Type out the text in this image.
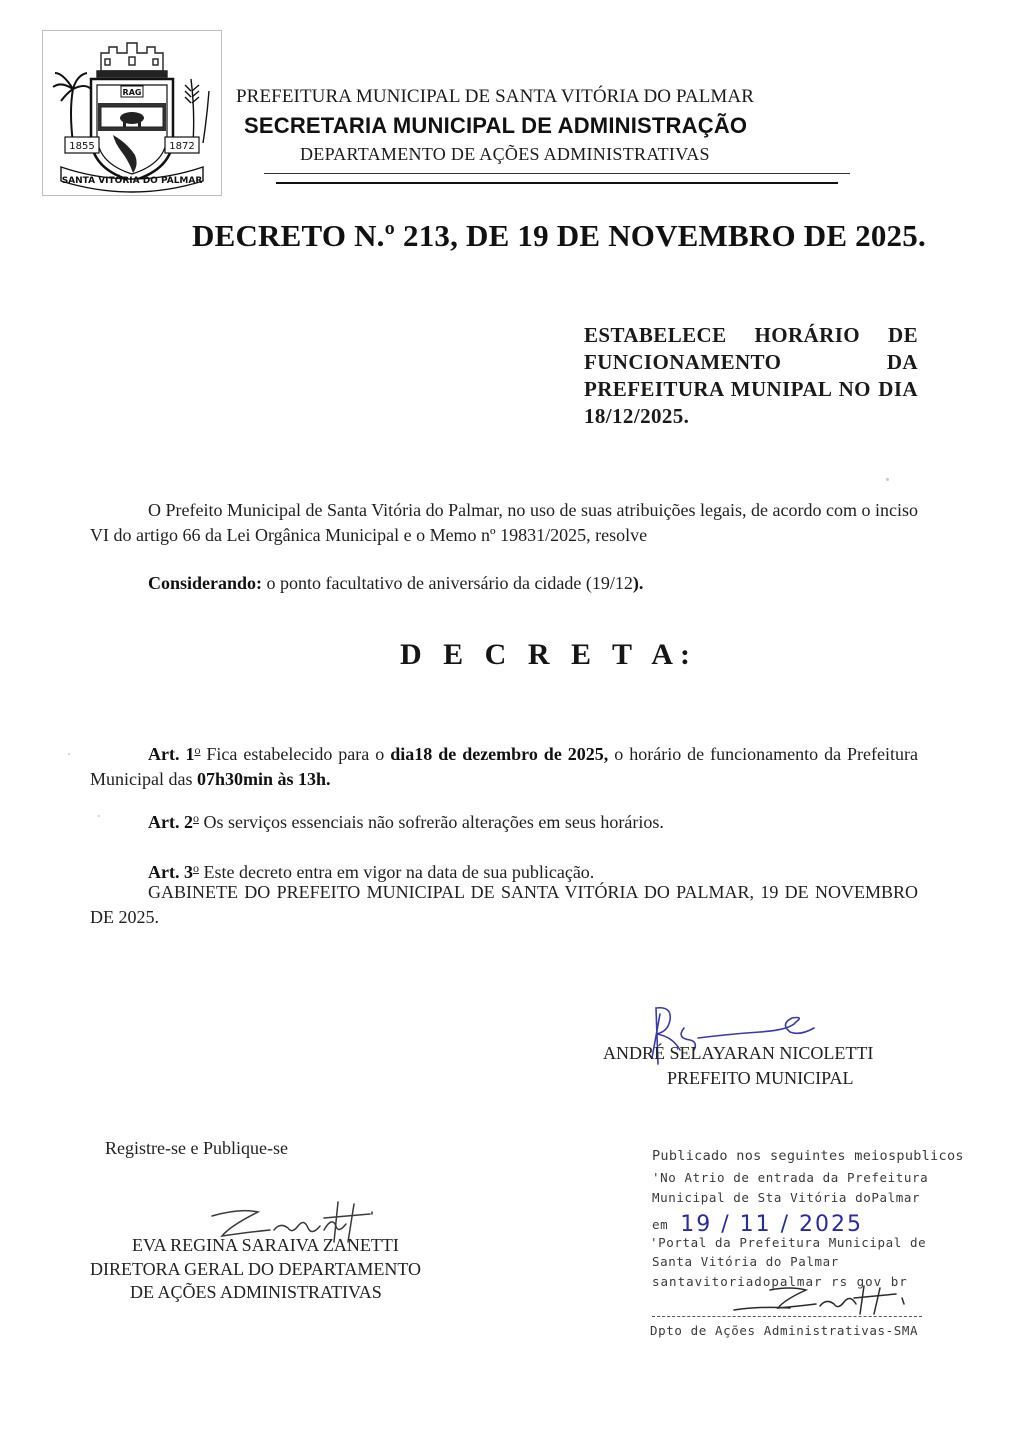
RAG
1855	1872
SANTA VITÓRIA DO PALMAR
PREFEITURA MUNICIPAL DE SANTA VITÓRIA DO PALMAR
SECRETARIA MUNICIPAL DE ADMINISTRAÇÃO
DEPARTAMENTO DE AÇÕES ADMINISTRATIVAS
DECRETO N.º 213, DE 19 DE NOVEMBRO DE 2025.
ESTABELECE HORÁRIO DE FUNCIONAMENTO DA PREFEITURA MUNIPAL NO DIA 18/12/2025.
O Prefeito Municipal de Santa Vitória do Palmar, no uso de suas atribuições legais, de acordo com o inciso VI do artigo 66 da Lei Orgânica Municipal e o Memo nº 19831/2025, resolve
Considerando: o ponto facultativo de aniversário da cidade (19/12).
D E C R E T A:
Art. 1$^o$ Fica estabelecido para o dia18 de dezembro de 2025, o horário de funcionamento da Prefeitura Municipal das 07h30min às 13h.
Art. 2$^o$ Os serviços essenciais não sofrerão alterações em seus horários.
Art. 3$^o$ Este decreto entra em vigor na data de sua publicação.
GABINETE DO PREFEITO MUNICIPAL DE SANTA VITÓRIA DO PALMAR, 19 DE NOVEMBRO DE 2025.
ANDRÉ SELAYARAN NICOLETTI
PREFEITO MUNICIPAL
Registre-se e Publique-se
EVA REGINA SARAIVA ZANETTI
DIRETORA GERAL DO DEPARTAMENTO
DE AÇÕES ADMINISTRATIVAS
Publicado nos seguintes meiospublicos
'No Atrio de entrada da Prefeitura
Municipal de Sta Vitória doPalmar
em 19 / 11 / 2025
'Portal da Prefeitura Municipal de
Santa Vitória do Palmar
santavitoriadopalmar rs gov br
Dpto de Ações Administrativas-SMA
